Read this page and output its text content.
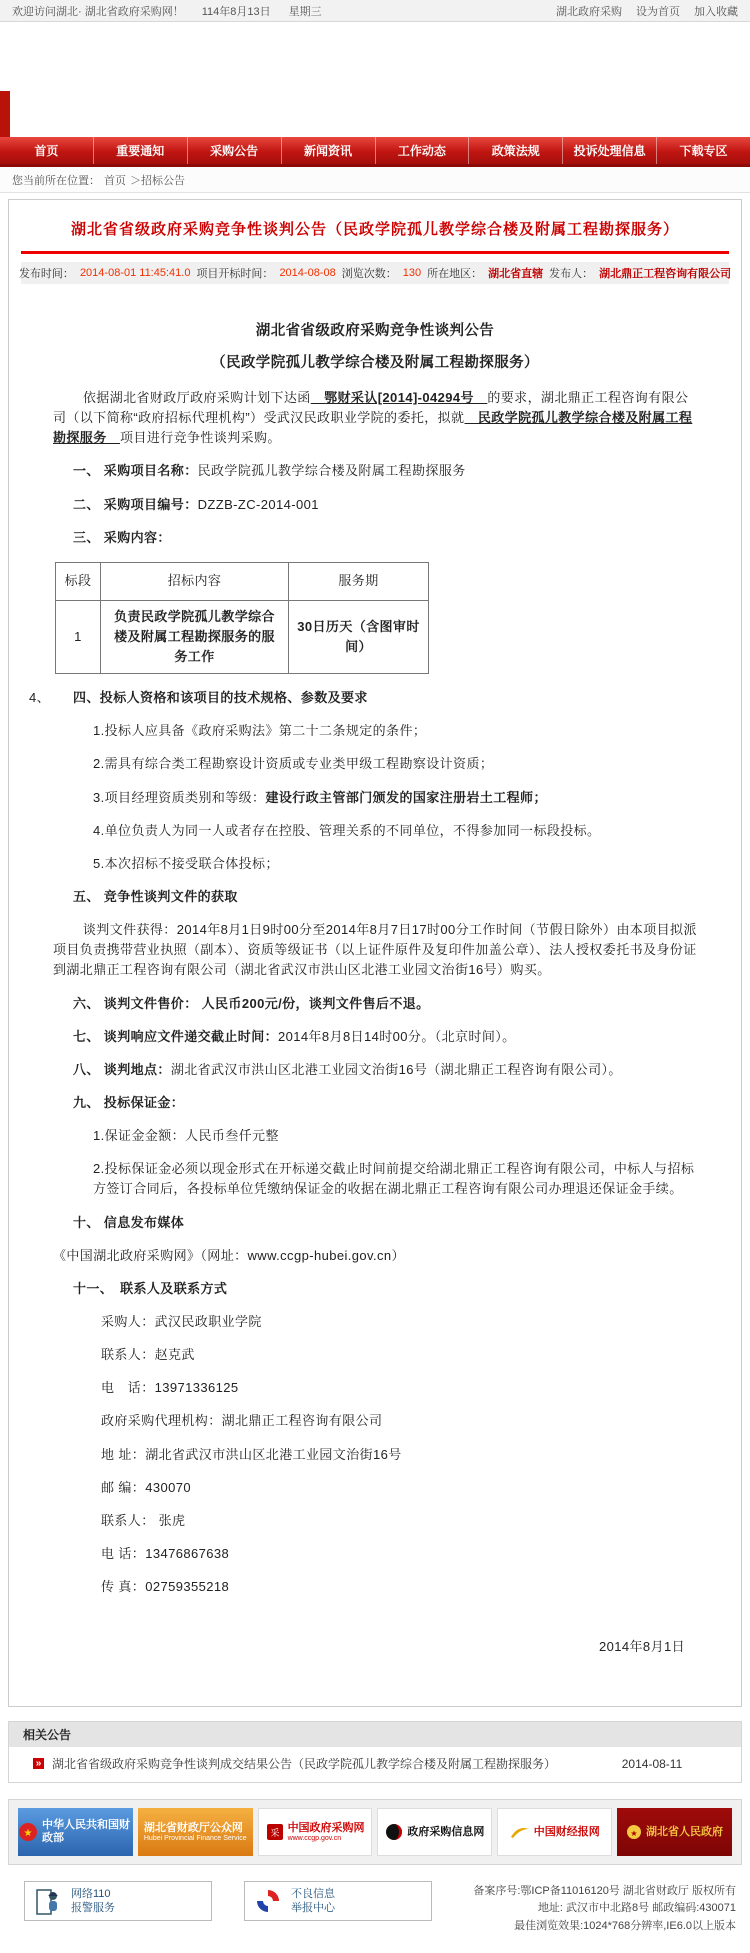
欢迎访问湖北· 湖北省政府采购网！ 114年8月13日 星期三	湖北政府采购 设为首页 加入收藏
首页	重要通知	采购公告	新闻资讯	工作动态	政策法规	投诉处理信息	下载专区
您当前所在位置： 首页 ＞招标公告
湖北省省级政府采购竞争性谈判公告（民政学院孤儿教学综合楼及附属工程勘探服务）
发布时间： 2014-08-01 11:45:41.0 项目开标时间： 2014-08-08 浏览次数： 130 所在地区： 湖北省直辖 发布人： 湖北鼎正工程咨询有限公司

湖北省省级政府采购竞争性谈判公告

（民政学院孤儿教学综合楼及附属工程勘探服务）

依据湖北省财政厅政府采购计划下达函　鄂财采认[2014]-04294号　的要求，湖北鼎正工程咨询有限公司（以下简称“政府招标代理机构”）受武汉民政职业学院的委托，拟就　民政学院孤儿教学综合楼及附属工程勘探服务　项目进行竞争性谈判采购。

一、 采购项目名称：民政学院孤儿教学综合楼及附属工程勘探服务

二、 采购项目编号：DZZB-ZC-2014-001

三、 采购内容：

标段	招标内容	服务期
1	负责民政学院孤儿教学综合楼及附属工程勘探服务的服务工作	30日历天（含图审时间）

4、 四、投标人资格和该项目的技术规格、参数及要求

1.投标人应具备《政府采购法》第二十二条规定的条件；

2.需具有综合类工程勘察设计资质或专业类甲级工程勘察设计资质；

3.项目经理资质类别和等级：建设行政主管部门颁发的国家注册岩土工程师；

4.单位负责人为同一人或者存在控股、管理关系的不同单位，不得参加同一标段投标。

5.本次招标不接受联合体投标；

五、 竞争性谈判文件的获取

谈判文件获得：2014年8月1日9时00分至2014年8月7日17时00分工作时间（节假日除外）由本项目拟派项目负责携带营业执照（副本）、资质等级证书（以上证件原件及复印件加盖公章）、法人授权委托书及身份证到湖北鼎正工程咨询有限公司（湖北省武汉市洪山区北港工业园文治街16号）购买。

六、 谈判文件售价： 人民币200元/份，谈判文件售后不退。

七、 谈判响应文件递交截止时间：2014年8月8日14时00分。（北京时间）。

八、 谈判地点：湖北省武汉市洪山区北港工业园文治街16号（湖北鼎正工程咨询有限公司）。

九、 投标保证金：

1.保证金金额：人民币叁仟元整

2.投标保证金必须以现金形式在开标递交截止时间前提交给湖北鼎正工程咨询有限公司，中标人与招标方签订合同后，各投标单位凭缴纳保证金的收据在湖北鼎正工程咨询有限公司办理退还保证金手续。

十、 信息发布媒体

《中国湖北政府采购网》（网址：www.ccgp-hubei.gov.cn）

十一、　联系人及联系方式

采购人：武汉民政职业学院

联系人：赵克武

电　话：13971336125

政府采购代理机构：湖北鼎正工程咨询有限公司

地 址：湖北省武汉市洪山区北港工业园文治街16号

邮 编：430070

联系人： 张虎

电 话：13476867638

传 真：02759355218

2014年8月1日

相关公告
» 湖北省省级政府采购竞争性谈判成交结果公告（民政学院孤儿教学综合楼及附属工程勘探服务）	2014-08-11
★
中华人民共和国财政部
湖北省财政厅公众网
Hubei Provincial Finance Service	采 中国政府采购网
www.ccgp.gov.cn
政府采购信息网	中国财经报网	★ 湖北省人民政府
网络110
报警服务
不良信息
举报中心
备案序号:鄂ICP备11016120号 湖北省财政厅 版权所有
地址: 武汉市中北路8号 邮政编码:430071
最佳浏览效果:1024*768分辨率,IE6.0以上版本
